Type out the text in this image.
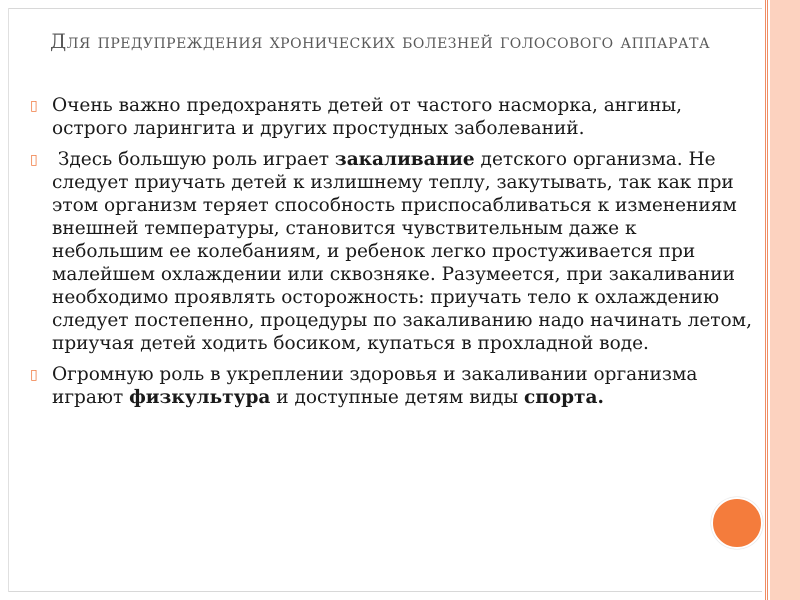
Для предупреждения хронических болезней голосового аппарата
▯ Очень важно предохранять детей от частого насморка, ангины, острого ларингита и других простудных заболеваний.
▯ Здесь большую роль играет закаливание детского организма. Не следует приучать детей к излишнему теплу, закутывать, так как при этом организм теряет способность приспосабливаться к изменениям внешней температуры, становится чувствительным даже к небольшим ее колебаниям, и ребенок легко простуживается при малейшем охлаждении или сквозняке. Разумеется, при закаливании необходимо проявлять осторожность: приучать тело к охлаждению следует постепенно, процедуры по закаливанию надо начинать летом, приучая детей ходить босиком, купаться в прохладной воде.
▯ Огромную роль в укреплении здоровья и закаливании организма играют физкультура и доступные детям виды спорта.
